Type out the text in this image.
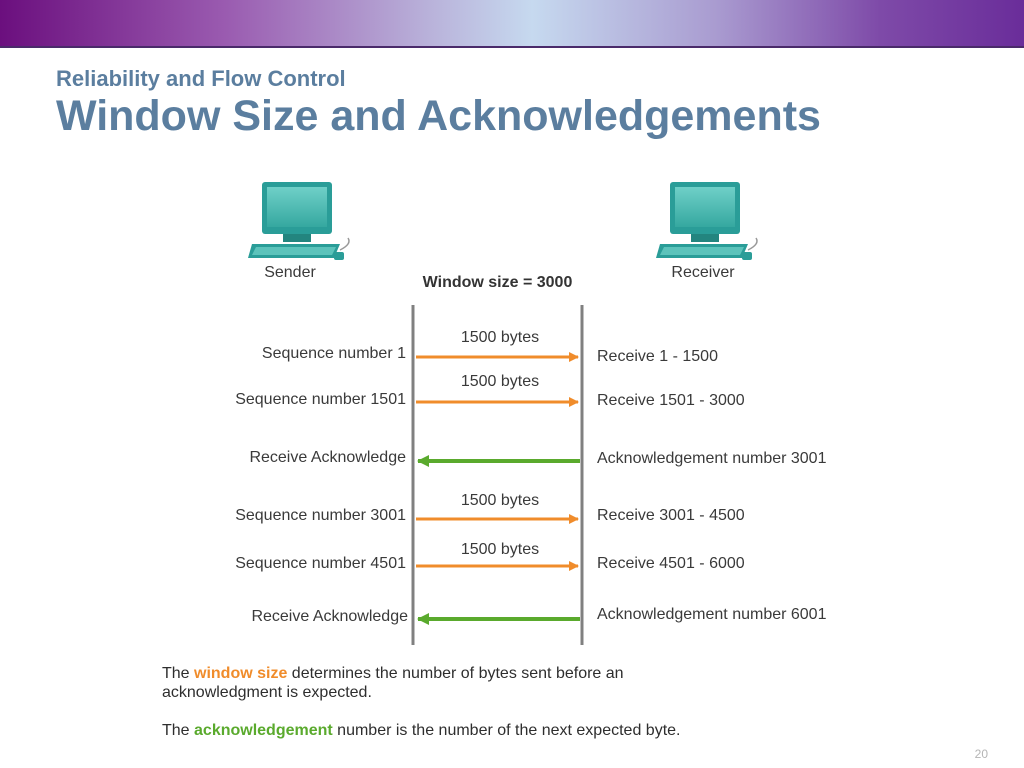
Reliability and Flow Control
Window Size and Acknowledgements
Sender	Receiver
Window size = 3000
Sequence number 1
1500 bytes
Receive 1 - 1500
Sequence number 1501
1500 bytes
Receive 1501 - 3000
Receive Acknowledge	Acknowledgement number 3001
Sequence number 3001
1500 bytes
Receive 3001 - 4500
Sequence number 4501
1500 bytes
Receive 4501 - 6000
Receive Acknowledge	Acknowledgement number 6001
The window size determines the number of bytes sent before an
acknowledgment is expected.
The acknowledgement number is the number of the next expected byte.
20
